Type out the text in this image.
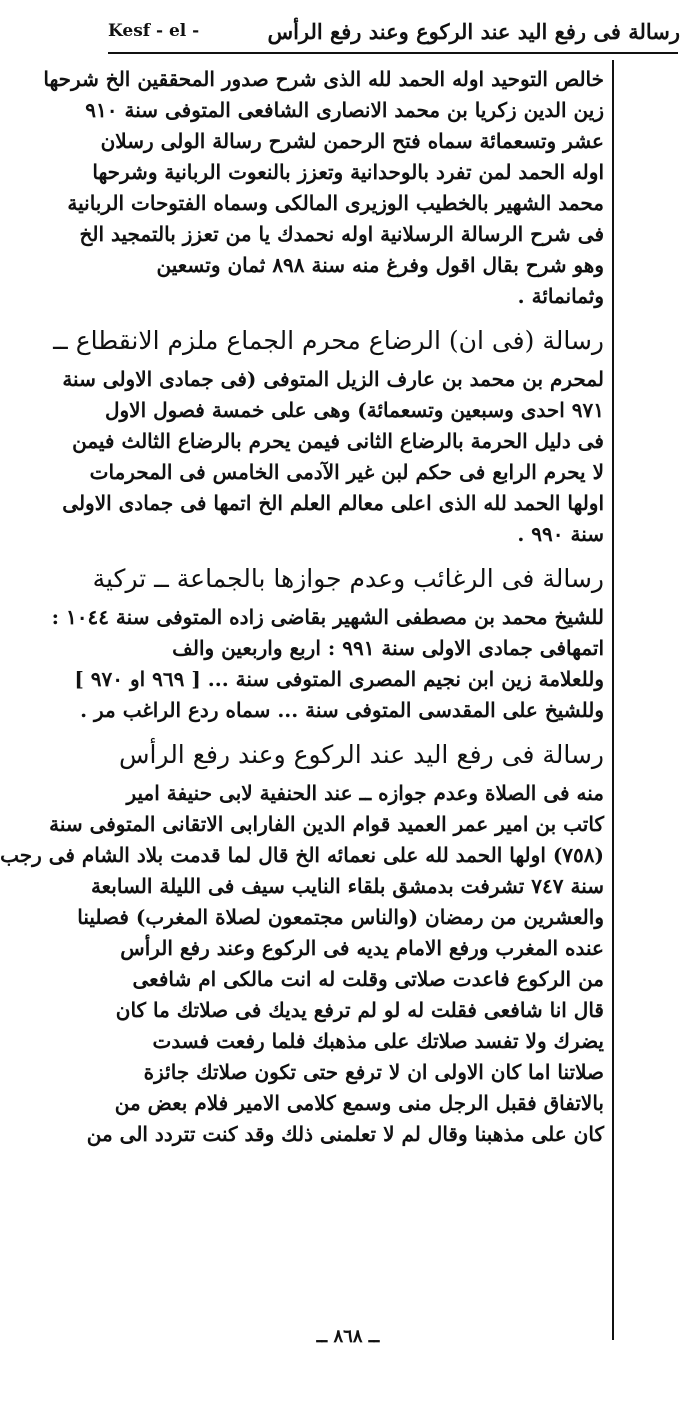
Kesf - el -	رسالة فى رفع اليد عند الركوع وعند رفع الرأس
خالص التوحيد اوله الحمد لله الذى شرح صدور المحققين الخ شرحها
زين الدين زكريا بن محمد الانصارى الشافعى المتوفى سنة ٩١٠
عشر وتسعمائة سماه فتح الرحمن لشرح رسالة الولى رسلان
اوله الحمد لمن تفرد بالوحدانية وتعزز بالنعوت الربانية وشرحها
محمد الشهير بالخطيب الوزيرى المالكى وسماه الفتوحات الربانية
فى شرح الرسالة الرسلانية اوله نحمدك يا من تعزز بالتمجيد الخ
وهو شرح بقال اقول وفرغ منه سنة ٨٩٨ ثمان وتسعين
وثمانمائة .
رسالة (فى ان) الرضاع محرم الجماع ملزم الانقطاع ــ
لمحرم بن محمد بن عارف الزيل المتوفى (فى جمادى الاولى سنة
٩٧١ احدى وسبعين وتسعمائة) وهى على خمسة فصول الاول
فى دليل الحرمة بالرضاع الثانى فيمن يحرم بالرضاع الثالث فيمن
لا يحرم الرابع فى حكم لبن غير الآدمى الخامس فى المحرمات
اولها الحمد لله الذى اعلى معالم العلم الخ اتمها فى جمادى الاولى
سنة ٩٩٠ .
رسالة فى الرغائب وعدم جوازها بالجماعة ــ تركية
للشيخ محمد بن مصطفى الشهير بقاضى زاده المتوفى سنة ١٠٤٤ :
اتمهافى جمادى الاولى سنة ٩٩١ : اربع واربعين والف
وللعلامة زين ابن نجيم المصرى المتوفى سنة ... [ ٩٦٩ او ٩٧٠ ]
وللشيخ على المقدسى المتوفى سنة ... سماه ردع الراغب مر .
رسالة فى رفع اليد عند الركوع وعند رفع الرأس
منه فى الصلاة وعدم جوازه ــ عند الحنفية لابى حنيفة امير
كاتب بن امير عمر العميد قوام الدين الفارابى الاتقانى المتوفى سنة
(٧٥٨) اولها الحمد لله على نعمائه الخ قال لما قدمت بلاد الشام فى رجب
سنة ٧٤٧ تشرفت بدمشق بلقاء النايب سيف فى الليلة السابعة
والعشرين من رمضان (والناس مجتمعون لصلاة المغرب) فصلينا
عنده المغرب ورفع الامام يديه فى الركوع وعند رفع الرأس
من الركوع فاعدت صلاتى وقلت له انت مالكى ام شافعى
قال انا شافعى فقلت له لو لم ترفع يديك فى صلاتك ما كان
يضرك ولا تفسد صلاتك على مذهبك فلما رفعت فسدت
صلاتنا اما كان الاولى ان لا ترفع حتى تكون صلاتك جائزة
بالاتفاق فقبل الرجل منى وسمع كلامى الامير فلام بعض من
كان على مذهبنا وقال لم لا تعلمنى ذلك وقد كنت تتردد الى من
ــ ٨٦٨ ــ
